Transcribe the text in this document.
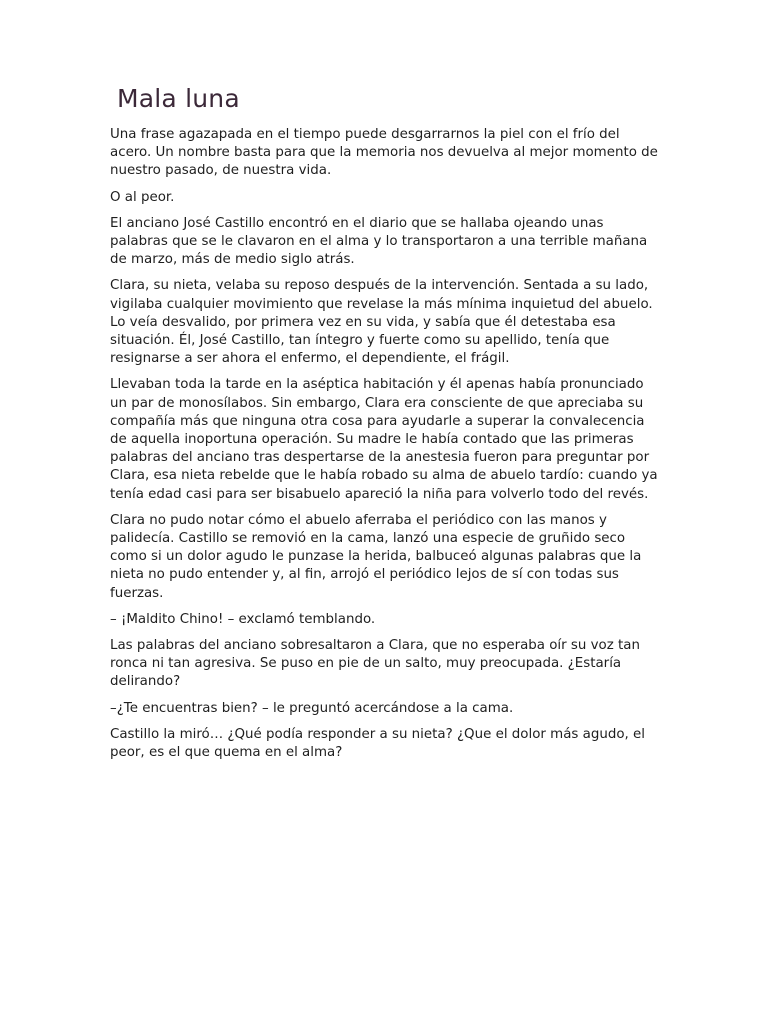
Mala luna

Una frase agazapada en el tiempo puede desgarrarnos la piel con el frío del acero. Un nombre basta para que la memoria nos devuelva al mejor momento de nuestro pasado, de nuestra vida.

O al peor.

El anciano José Castillo encontró en el diario que se hallaba ojeando unas palabras que se le clavaron en el alma y lo transportaron a una terrible mañana de marzo, más de medio siglo atrás.

Clara, su nieta, velaba su reposo después de la intervención. Sentada a su lado, vigilaba cualquier movimiento que revelase la más mínima inquietud del abuelo. Lo veía desvalido, por primera vez en su vida, y sabía que él detestaba esa situación. Él, José Castillo, tan íntegro y fuerte como su apellido, tenía que resignarse a ser ahora el enfermo, el dependiente, el frágil.

Llevaban toda la tarde en la aséptica habitación y él apenas había pronunciado un par de monosílabos. Sin embargo, Clara era consciente de que apreciaba su compañía más que ninguna otra cosa para ayudarle a superar la convalecencia de aquella inoportuna operación. Su madre le había contado que las primeras palabras del anciano tras despertarse de la anestesia fueron para preguntar por Clara, esa nieta rebelde que le había robado su alma de abuelo tardío: cuando ya tenía edad casi para ser bisabuelo apareció la niña para volverlo todo del revés.

Clara no pudo notar cómo el abuelo aferraba el periódico con las manos y palidecía. Castillo se removió en la cama, lanzó una especie de gruñido seco como si un dolor agudo le punzase la herida, balbuceó algunas palabras que la nieta no pudo entender y, al fin, arrojó el periódico lejos de sí con todas sus fuerzas.

– ¡Maldito Chino! – exclamó temblando.

Las palabras del anciano sobresaltaron a Clara, que no esperaba oír su voz tan ronca ni tan agresiva. Se puso en pie de un salto, muy preocupada. ¿Estaría delirando?

–¿Te encuentras bien? – le preguntó acercándose a la cama.

Castillo la miró… ¿Qué podía responder a su nieta? ¿Que el dolor más agudo, el peor, es el que quema en el alma?
